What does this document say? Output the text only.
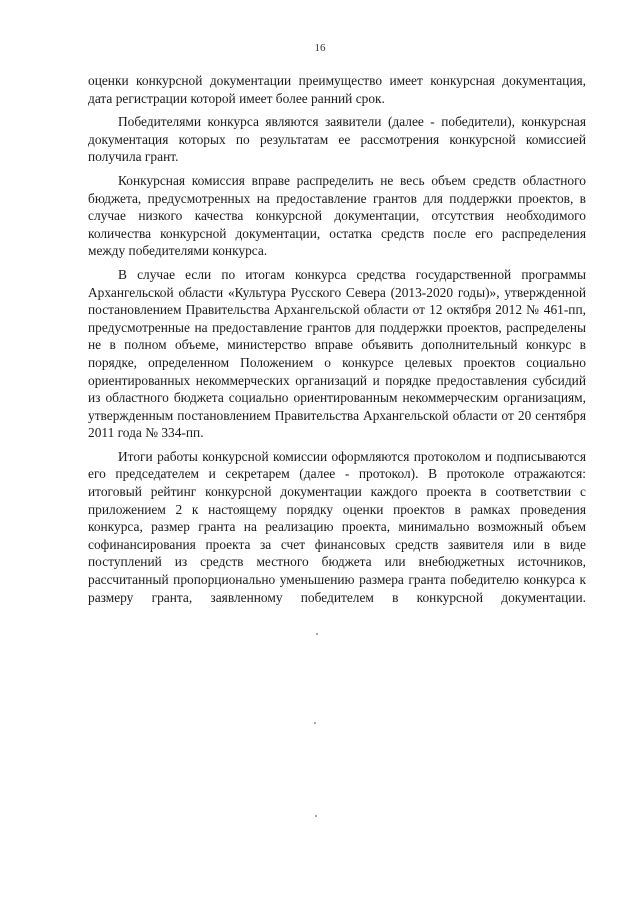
16

оценки конкурсной документации преимущество имеет конкурсная документация, дата регистрации которой имеет более ранний срок.

Победителями конкурса являются заявители (далее - победители), конкурсная документация которых по результатам ее рассмотрения конкурсной комиссией получила грант.

Конкурсная комиссия вправе распределить не весь объем средств областного бюджета, предусмотренных на предоставление грантов для поддержки проектов, в случае низкого качества конкурсной документации, отсутствия необходимого количества конкурсной документации, остатка средств после его распределения между победителями конкурса.

В случае если по итогам конкурса средства государственной программы Архангельской области «Культура Русского Севера (2013-2020 годы)», утвержденной постановлением Правительства Архангельской области от 12 октября 2012 № 461-пп, предусмотренные на предоставление грантов для поддержки проектов, распределены не в полном объеме, министерство вправе объявить дополнительный конкурс в порядке, определенном Положением о конкурсе целевых проектов социально ориентированных некоммерческих организаций и порядке предоставления субсидий из областного бюджета социально ориентированным некоммерческим организациям, утвержденным постановлением Правительства Архангельской области от 20 сентября 2011 года № 334-пп.

Итоги работы конкурсной комиссии оформляются протоколом и подписываются его председателем и секретарем (далее - протокол). В протоколе отражаются: итоговый рейтинг конкурсной документации каждого проекта в соответствии с приложением 2 к настоящему порядку оценки проектов в рамках проведения конкурса, размер гранта на реализацию проекта, минимально возможный объем софинансирования проекта за счет финансовых средств заявителя или в виде поступлений из средств местного бюджета или внебюджетных источников, рассчитанный пропорционально уменьшению размера гранта победителю конкурса к размеру гранта, заявленному победителем в конкурсной документации.
